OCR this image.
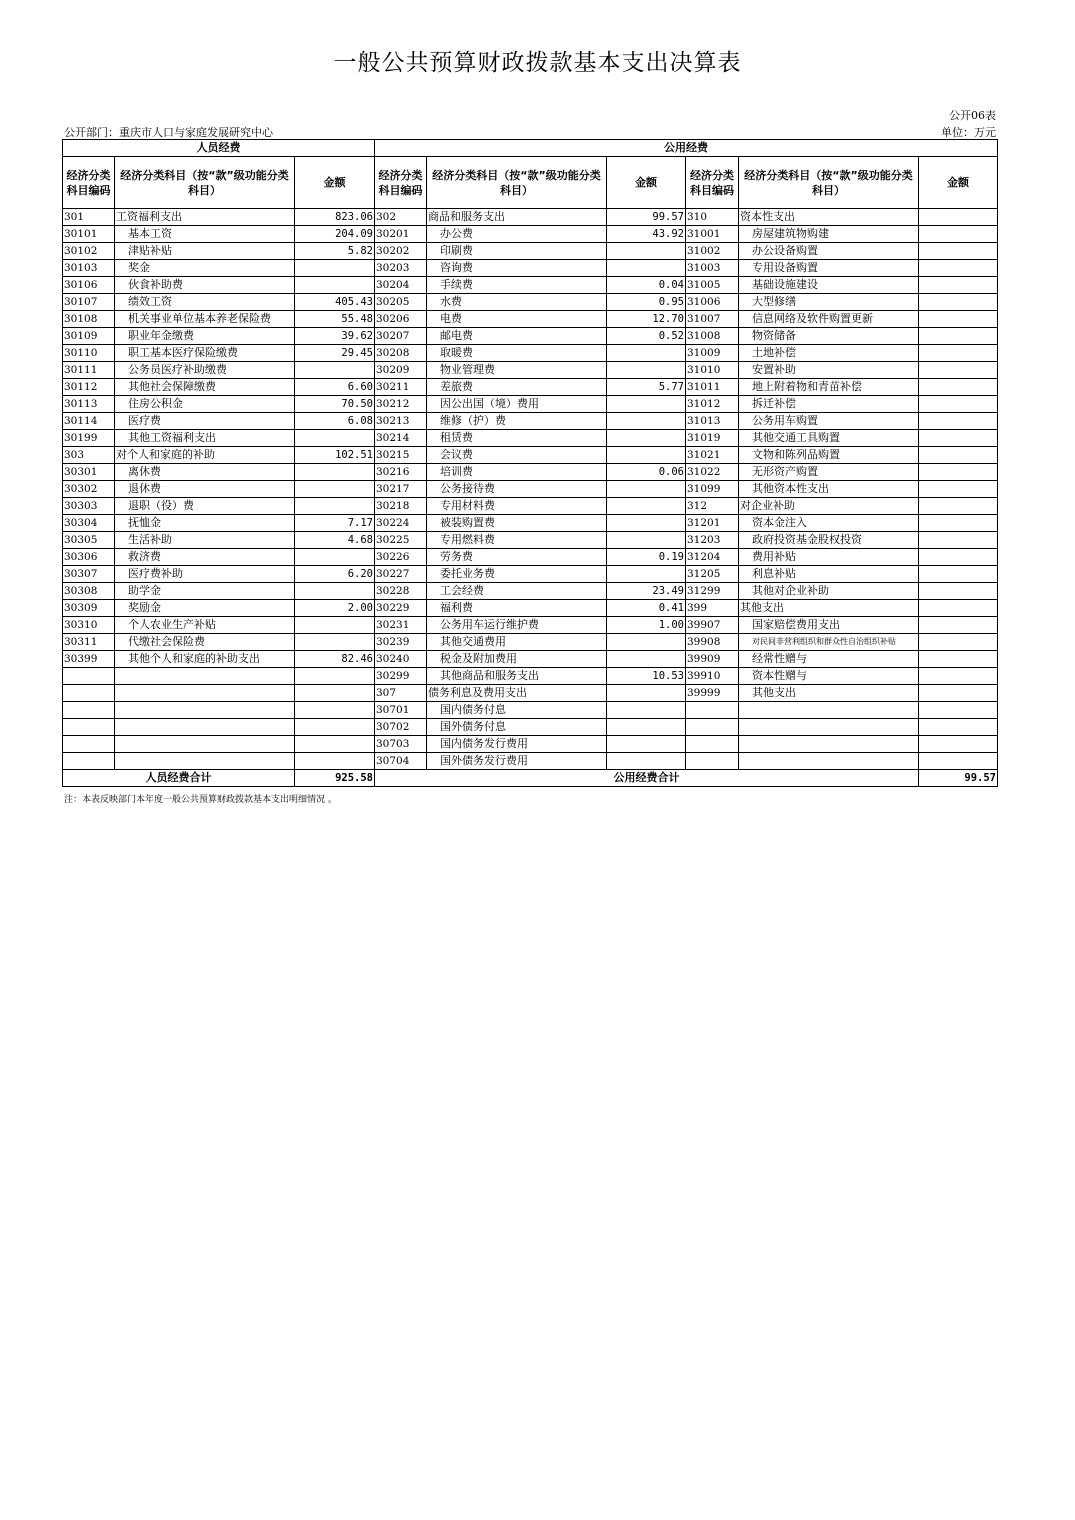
一般公共预算财政拨款基本支出决算表
公开06表
公开部门：重庆市人口与家庭发展研究中心	单位：万元
人员经费			公用经费					
经济分类科目编码	经济分类科目（按“款”级功能分类科目）	金额	经济分类科目编码	经济分类科目（按“款”级功能分类科目）	金额	经济分类科目编码	经济分类科目（按“款”级功能分类科目）	金额
301	工资福利支出	823.06	302	商品和服务支出	99.57	310	资本性支出	
30101	基本工资	204.09	30201	办公费	43.92	31001	房屋建筑物购建	
30102	津贴补贴	5.82	30202	印刷费		31002	办公设备购置	
30103	奖金		30203	咨询费		31003	专用设备购置	
30106	伙食补助费		30204	手续费	0.04	31005	基础设施建设	
30107	绩效工资	405.43	30205	水费	0.95	31006	大型修缮	
30108	机关事业单位基本养老保险费	55.48	30206	电费	12.70	31007	信息网络及软件购置更新	
30109	职业年金缴费	39.62	30207	邮电费	0.52	31008	物资储备	
30110	职工基本医疗保险缴费	29.45	30208	取暖费		31009	土地补偿	
30111	公务员医疗补助缴费		30209	物业管理费		31010	安置补助	
30112	其他社会保障缴费	6.60	30211	差旅费	5.77	31011	地上附着物和青苗补偿	
30113	住房公积金	70.50	30212	因公出国（境）费用		31012	拆迁补偿	
30114	医疗费	6.08	30213	维修（护）费		31013	公务用车购置	
30199	其他工资福利支出		30214	租赁费		31019	其他交通工具购置	
303	对个人和家庭的补助	102.51	30215	会议费		31021	文物和陈列品购置	
30301	离休费		30216	培训费	0.06	31022	无形资产购置	
30302	退休费		30217	公务接待费		31099	其他资本性支出	
30303	退职（役）费		30218	专用材料费		312	对企业补助	
30304	抚恤金	7.17	30224	被装购置费		31201	资本金注入	
30305	生活补助	4.68	30225	专用燃料费		31203	政府投资基金股权投资	
30306	救济费		30226	劳务费	0.19	31204	费用补贴	
30307	医疗费补助	6.20	30227	委托业务费		31205	利息补贴	
30308	助学金		30228	工会经费	23.49	31299	其他对企业补助	
30309	奖励金	2.00	30229	福利费	0.41	399	其他支出	
30310	个人农业生产补贴		30231	公务用车运行维护费	1.00	39907	国家赔偿费用支出	
30311	代缴社会保险费		30239	其他交通费用		39908	对民间非营利组织和群众性自治组织补贴	
30399	其他个人和家庭的补助支出	82.46	30240	税金及附加费用		39909	经常性赠与	
			30299	其他商品和服务支出	10.53	39910	资本性赠与	
			307	债务利息及费用支出		39999	其他支出	
			30701	国内债务付息				
			30702	国外债务付息				
			30703	国内债务发行费用				
			30704	国外债务发行费用				
人员经费合计		925.58	公用经费合计					99.57
注：本表反映部门本年度一般公共预算财政拨款基本支出明细情况 。
